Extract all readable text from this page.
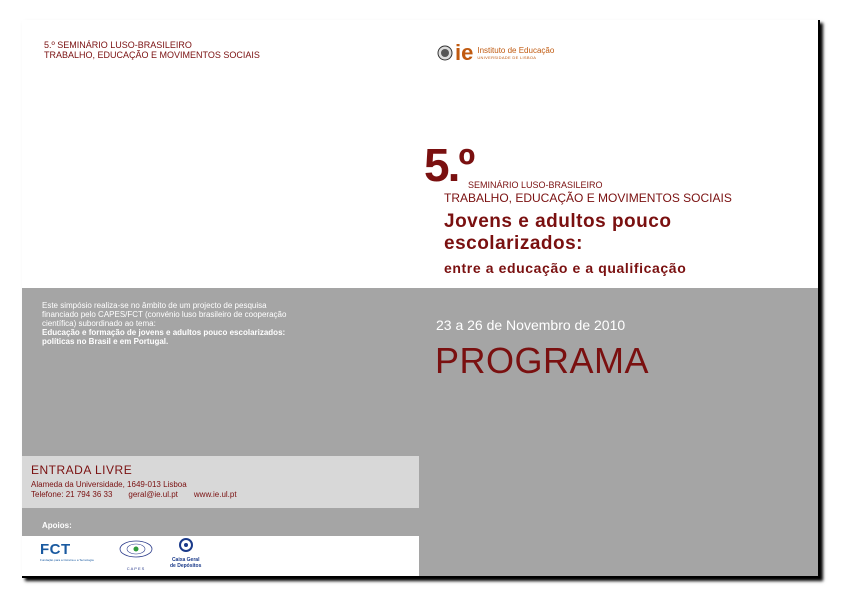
5.º SEMINÁRIO LUSO-BRASILEIRO
TRABALHO, EDUCAÇÃO E MOVIMENTOS SOCIAIS	ie Instituto de Educação
UNIVERSIDADE DE LISBOA
5.º
SEMINÁRIO LUSO-BRASILEIRO
TRABALHO, EDUCAÇÃO E MOVIMENTOS SOCIAIS
Jovens e adultos pouco
escolarizados:
entre a educação e a qualificação
Este simpósio realiza-se no âmbito de um projecto de pesquisa financiado pelo CAPES/FCT (convénio luso brasileiro de cooperação científica) subordinado ao tema:
Educação e formação de jovens e adultos pouco escolarizados: políticas no Brasil e em Portugal.
23 a 26 de Novembro de 2010
PROGRAMA
ENTRADA LIVRE
Alameda da Universidade, 1649-013 Lisboa
Telefone: 21 794 36 33 geral@ie.ul.pt www.ie.ul.pt
Apoios:
FCT
Fundação para a Ciência e a Tecnologia
CAPES
Caixa Geral
de Depósitos
